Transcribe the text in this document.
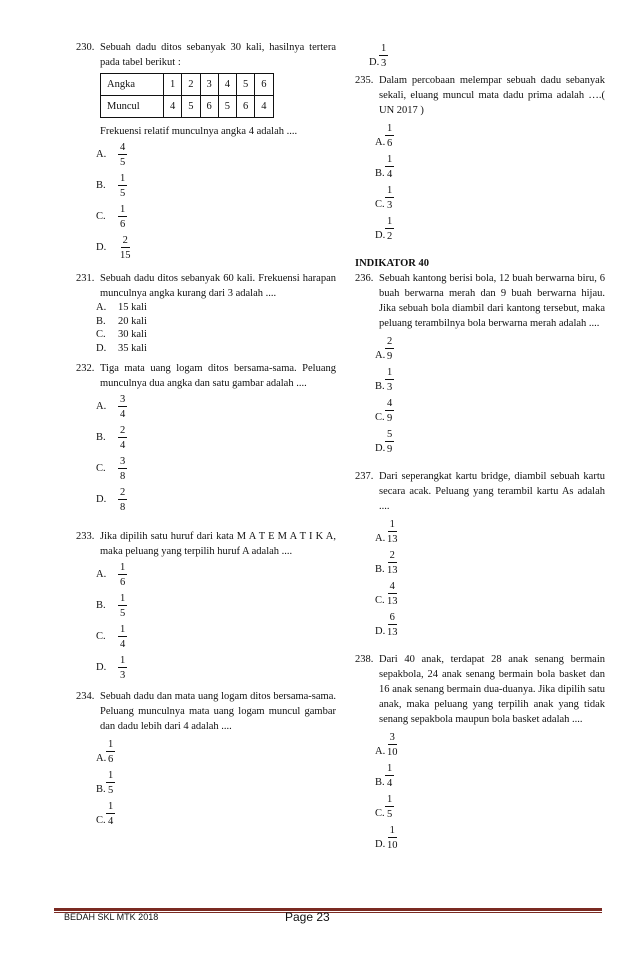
230. Sebuah dadu ditos sebanyak 30 kali, hasilnya tertera pada tabel berikut :
Angka	1	2	3	4	5	6
Muncul	4	5	6	5	6	4
Frekuensi relatif munculnya angka 4 adalah ....
A.	$\frac{4}{5}$
B.	$\frac{1}{5}$
C.	$\frac{1}{6}$
D.	$\frac{2}{15}$
231. Sebuah dadu ditos sebanyak 60 kali. Frekuensi harapan munculnya angka kurang dari 3 adalah ....
A.	15 kali
B.	20 kali
C.	30 kali
D.	35 kali
232. Tiga mata uang logam ditos bersama-sama. Peluang munculnya dua angka dan satu gambar adalah ....
A.	$\frac{3}{4}$
B.	$\frac{2}{4}$
C.	$\frac{3}{8}$
D.	$\frac{2}{8}$
233. Jika dipilih satu huruf dari kata M A T E M A T I K A, maka peluang yang terpilih huruf A adalah ....
A.	$\frac{1}{6}$
B.	$\frac{1}{5}$
C.	$\frac{1}{4}$
D.	$\frac{1}{3}$
234. Sebuah dadu dan mata uang logam ditos bersama-sama. Peluang munculnya mata uang logam muncul gambar dan dadu lebih dari 4 adalah ....
A. $\frac{1}{6}$
B. $\frac{1}{5}$
C. $\frac{1}{4}$
D. $\frac{1}{3}$
235. Dalam percobaan melempar sebuah dadu sebanyak sekali, eluang muncul mata dadu prima adalah ….( UN 2017 )
A. $\frac{1}{6}$
B. $\frac{1}{4}$
C. $\frac{1}{3}$
D. $\frac{1}{2}$
INDIKATOR 40
236. Sebuah kantong berisi bola, 12 buah berwarna biru, 6 buah berwarna merah dan 9 buah berwarna hijau. Jika sebuah bola diambil dari kantong tersebut, maka peluang terambilnya bola berwarna merah adalah ....
A. $\frac{2}{9}$
B. $\frac{1}{3}$
C. $\frac{4}{9}$
D. $\frac{5}{9}$
237. Dari seperangkat kartu bridge, diambil sebuah kartu secara acak. Peluang yang terambil kartu As adalah ....
A. $\frac{1}{13}$
B. $\frac{2}{13}$
C. $\frac{4}{13}$
D. $\frac{6}{13}$
238. Dari 40 anak, terdapat 28 anak senang bermain sepakbola, 24 anak senang bermain bola basket dan 16 anak senang bermain dua-duanya. Jika dipilih satu anak, maka peluang yang terpilih anak yang tidak senang sepakbola maupun bola basket adalah ....
A. $\frac{3}{10}$
B. $\frac{1}{4}$
C. $\frac{1}{5}$
D. $\frac{1}{10}$
BEDAH SKL MTK 2018	Page 23
